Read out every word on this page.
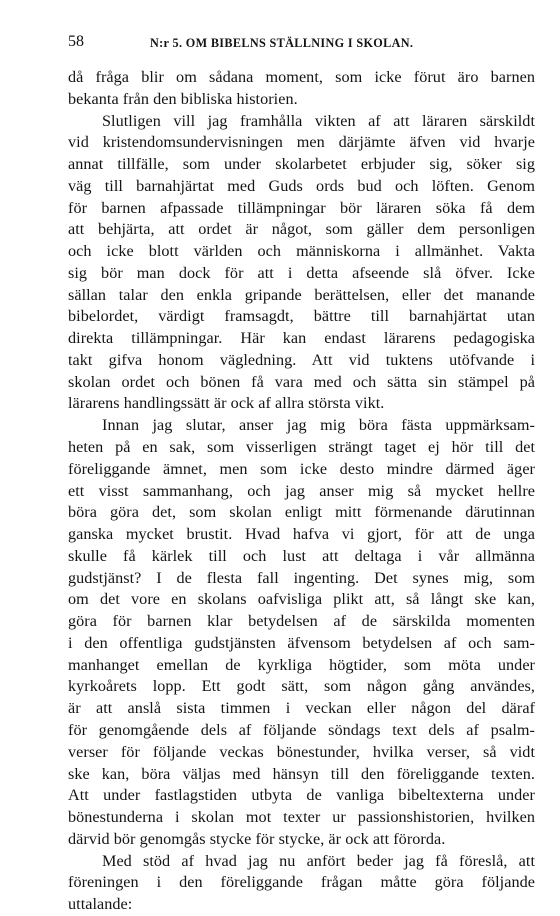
58	N:r 5. OM BIBELNS STÄLLNING I SKOLAN.
då fråga blir om sådana moment, som icke förut äro barnen
bekanta från den bibliska historien.
Slutligen vill jag framhålla vikten af att läraren särskildt
vid kristendomsundervisningen men därjämte äfven vid hvarje
annat tillfälle, som under skolarbetet erbjuder sig, söker sig
väg till barnahjärtat med Guds ords bud och löften. Genom
för barnen afpassade tillämpningar bör läraren söka få dem
att behjärta, att ordet är något, som gäller dem personligen
och icke blott världen och människorna i allmänhet. Vakta
sig bör man dock för att i detta afseende slå öfver. Icke
sällan talar den enkla gripande berättelsen, eller det manande
bibelordet, värdigt framsagdt, bättre till barnahjärtat utan
direkta tillämpningar. Här kan endast lärarens pedagogiska
takt gifva honom vägledning. Att vid tuktens utöfvande i
skolan ordet och bönen få vara med och sätta sin stämpel på
lärarens handlingssätt är ock af allra största vikt.
Innan jag slutar, anser jag mig böra fästa uppmärksam-
heten på en sak, som visserligen strängt taget ej hör till det
föreliggande ämnet, men som icke desto mindre därmed äger
ett visst sammanhang, och jag anser mig så mycket hellre
böra göra det, som skolan enligt mitt förmenande därutinnan
ganska mycket brustit. Hvad hafva vi gjort, för att de unga
skulle få kärlek till och lust att deltaga i vår allmänna
gudstjänst? I de flesta fall ingenting. Det synes mig, som
om det vore en skolans oafvisliga plikt att, så långt ske kan,
göra för barnen klar betydelsen af de särskilda momenten
i den offentliga gudstjänsten äfvensom betydelsen af och sam-
manhanget emellan de kyrkliga högtider, som möta under
kyrkoårets lopp. Ett godt sätt, som någon gång användes,
är att anslå sista timmen i veckan eller någon del däraf
för genomgående dels af följande söndags text dels af psalm-
verser för följande veckas bönestunder, hvilka verser, så vidt
ske kan, böra väljas med hänsyn till den föreliggande texten.
Att under fastlagstiden utbyta de vanliga bibeltexterna under
bönestunderna i skolan mot texter ur passionshistorien, hvilken
därvid bör genomgås stycke för stycke, är ock att förorda.
Med stöd af hvad jag nu anfört beder jag få föreslå, att
föreningen i den föreliggande frågan måtte göra följande
uttalande:
